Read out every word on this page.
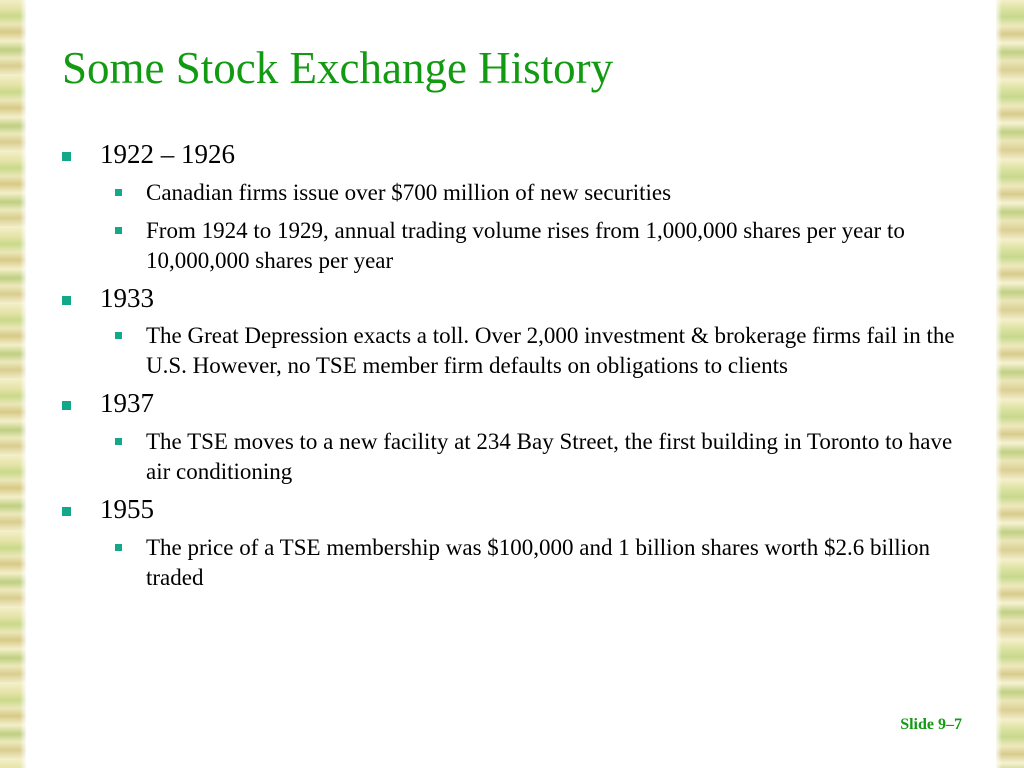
Some Stock Exchange History
1922 – 1926
Canadian firms issue over $700 million of new securities
From 1924 to 1929, annual trading volume rises from 1,000,000 shares per year to 10,000,000 shares per year
1933
The Great Depression exacts a toll. Over 2,000 investment & brokerage firms fail in the U.S. However, no TSE member firm defaults on obligations to clients
1937
The TSE moves to a new facility at 234 Bay Street, the first building in Toronto to have air conditioning
1955
The price of a TSE membership was $100,000 and 1 billion shares worth $2.6 billion traded
Slide 9–7
